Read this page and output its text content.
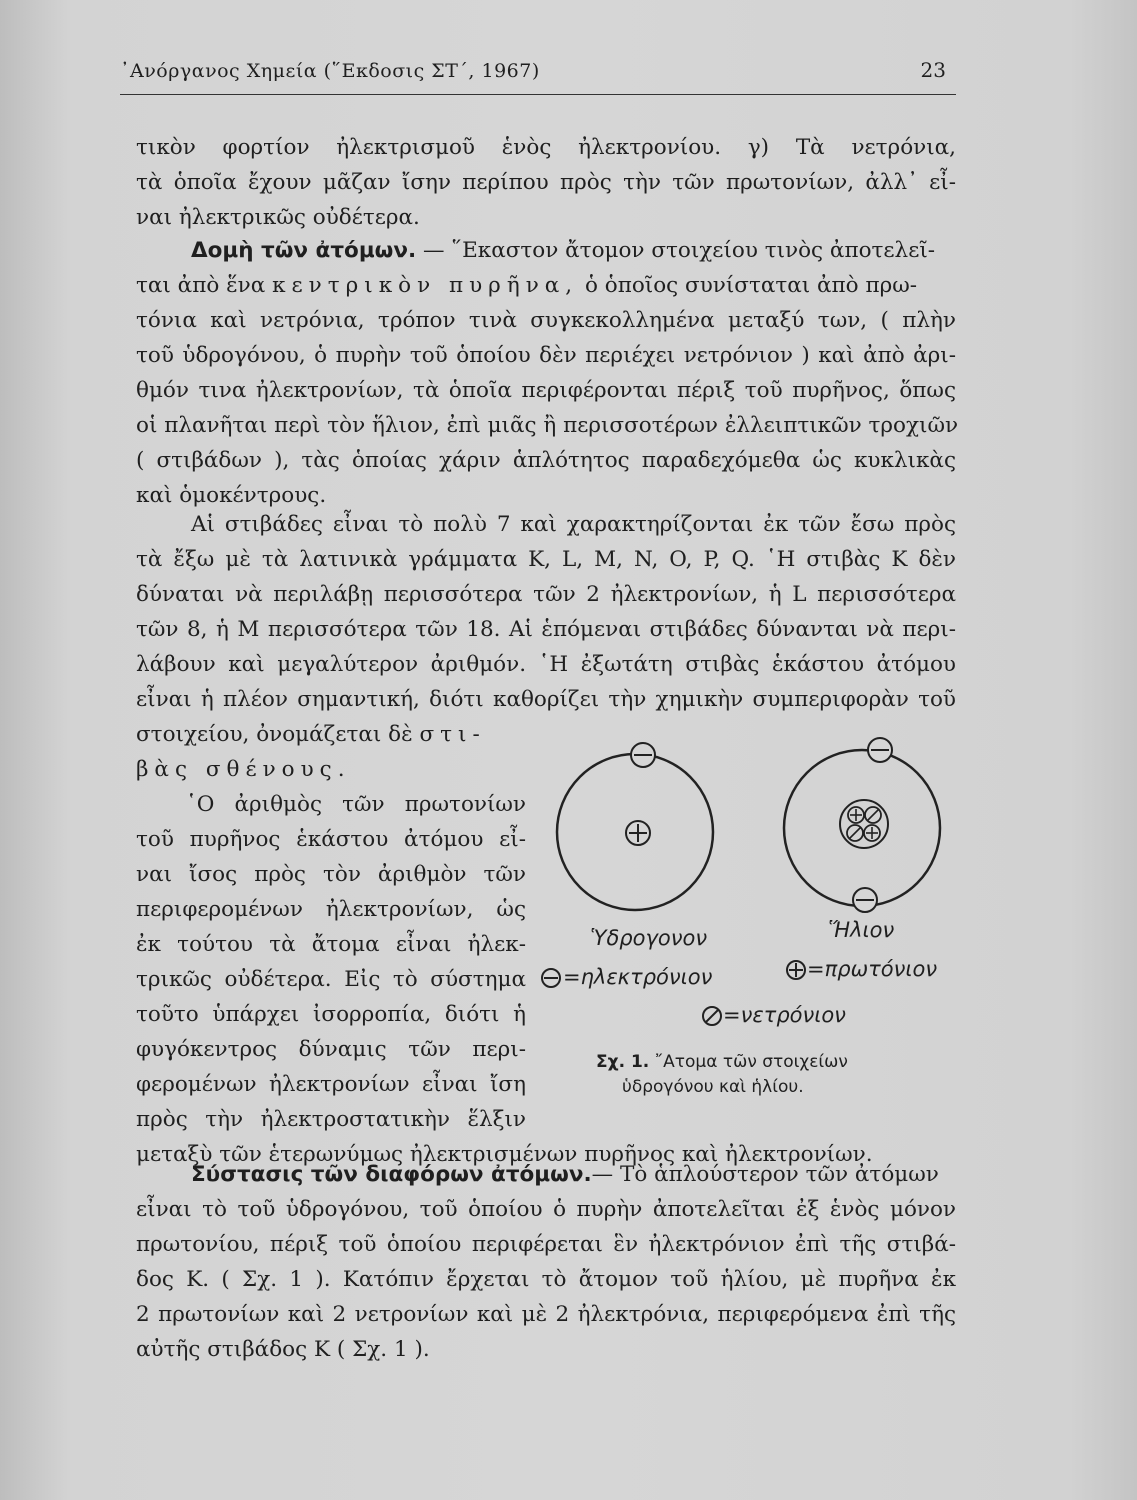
᾽Ανόργανος Χημεία (῞Εκδοσις ΣΤ΄, 1967)	23
τικὸν φορτίον ἠλεκτρισμοῦ ἑνὸς ἠλεκτρονίου. γ) Τὰ νετρόνια,
τὰ ὁποῖα ἔχουν μᾶζαν ἴσην περίπου πρὸς τὴν τῶν πρωτονίων, ἀλλ᾽ εἶ-
ναι ἠλεκτρικῶς οὐδέτερα.
Δομὴ τῶν ἀτόμων. — ῞Εκαστον ἄτομον στοιχείου τινὸς ἀποτελεῖ-
ται ἀπὸ ἕνα κεντρικὸν πυρῆνα, ὁ ὁποῖος συνίσταται ἀπὸ πρω-
τόνια καὶ νετρόνια, τρόπον τινὰ συγκεκολλημένα μεταξύ των, ( πλὴν
τοῦ ὑδρογόνου, ὁ πυρὴν τοῦ ὁποίου δὲν περιέχει νετρόνιον ) καὶ ἀπὸ ἀρι-
θμόν τινα ἠλεκτρονίων, τὰ ὁποῖα περιφέρονται πέριξ τοῦ πυρῆνος, ὅπως
οἱ πλανῆται περὶ τὸν ἥλιον, ἐπὶ μιᾶς ἢ περισσοτέρων ἐλλειπτικῶν τροχιῶν
( στιβάδων ), τὰς ὁποίας χάριν ἁπλότητος παραδεχόμεθα ὡς κυκλικὰς
καὶ ὁμοκέντρους.
Αἱ στιβάδες εἶναι τὸ πολὺ 7 καὶ χαρακτηρίζονται ἐκ τῶν ἔσω πρὸς
τὰ ἔξω μὲ τὰ λατινικὰ γράμματα Κ, L, M, N, O, P, Q. ῾Η στιβὰς Κ δὲν
δύναται νὰ περιλάβῃ περισσότερα τῶν 2 ἠλεκτρονίων, ἡ L περισσότερα
τῶν 8, ἡ Μ περισσότερα τῶν 18. Αἱ ἑπόμεναι στιβάδες δύνανται νὰ περι-
λάβουν καὶ μεγαλύτερον ἀριθμόν. ῾Η ἐξωτάτη στιβὰς ἑκάστου ἀτόμου
εἶναι ἡ πλέον σημαντική, διότι καθορίζει τὴν χημικὴν συμπεριφορὰν τοῦ
στοιχείου, ὀνομάζεται δὲ στι-
βὰς σθένους.
῾Ο ἀριθμὸς τῶν πρωτονίων
τοῦ πυρῆνος ἑκάστου ἀτόμου εἶ-
ναι ἴσος πρὸς τὸν ἀριθμὸν τῶν
περιφερομένων ἠλεκτρονίων, ὡς
ἐκ τούτου τὰ ἄτομα εἶναι ἠλεκ-
τρικῶς οὐδέτερα. Εἰς τὸ σύστημα
τοῦτο ὑπάρχει ἰσορροπία, διότι ἡ
φυγόκεντρος δύναμις τῶν περι-
φερομένων ἠλεκτρονίων εἶναι ἴση
πρὸς τὴν ἠλεκτροστατικὴν ἕλξιν
μεταξὺ τῶν ἑτερωνύμως ἠλεκτρισμένων πυρῆνος καὶ ἠλεκτρονίων.
Ὑδρογονον	Ἥλιον
=ηλεκτρόνιον	=πρωτόνιον
=νετρόνιον
Σχ. 1. ῎Ατομα τῶν στοιχείων
ὑδρογόνου καὶ ἡλίου.
Σύστασις τῶν διαφόρων ἀτόμων.— Τὸ ἁπλούστερον τῶν ἀτόμων
εἶναι τὸ τοῦ ὑδρογόνου, τοῦ ὁποίου ὁ πυρὴν ἀποτελεῖται ἐξ ἑνὸς μόνον
πρωτονίου, πέριξ τοῦ ὁποίου περιφέρεται ἓν ἠλεκτρόνιον ἐπὶ τῆς στιβά-
δος Κ. ( Σχ. 1 ). Κατόπιν ἔρχεται τὸ ἄτομον τοῦ ἡλίου, μὲ πυρῆνα ἐκ
2 πρωτονίων καὶ 2 νετρονίων καὶ μὲ 2 ἠλεκτρόνια, περιφερόμενα ἐπὶ τῆς
αὐτῆς στιβάδος Κ ( Σχ. 1 ).
